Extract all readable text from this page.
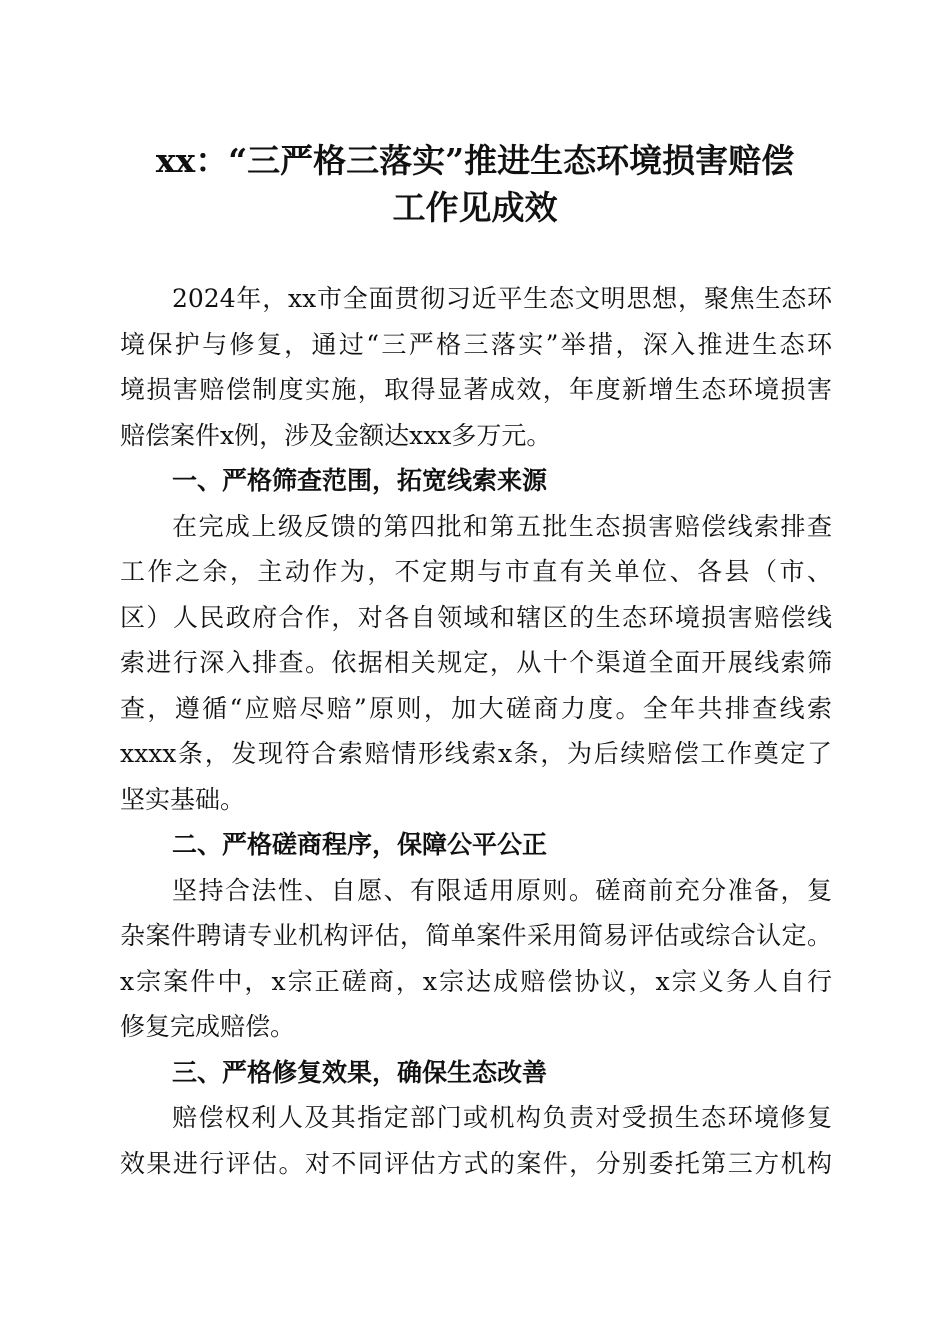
xx：“三严格三落实”推进生态环境损害赔偿
工作见成效
2024年，xx市全面贯彻习近平生态文明思想，聚焦生态环
境保护与修复，通过“三严格三落实”举措，深入推进生态环
境损害赔偿制度实施，取得显著成效，年度新增生态环境损害
赔偿案件x例，涉及金额达xxx多万元。
一、严格筛查范围，拓宽线索来源
在完成上级反馈的第四批和第五批生态损害赔偿线索排查
工作之余，主动作为，不定期与市直有关单位、各县（市、
区）人民政府合作，对各自领域和辖区的生态环境损害赔偿线
索进行深入排查。依据相关规定，从十个渠道全面开展线索筛
查，遵循“应赔尽赔”原则，加大磋商力度。全年共排查线索
xxxx条，发现符合索赔情形线索x条，为后续赔偿工作奠定了
坚实基础。
二、严格磋商程序，保障公平公正
坚持合法性、自愿、有限适用原则。磋商前充分准备，复
杂案件聘请专业机构评估，简单案件采用简易评估或综合认定。
x宗案件中，x宗正磋商，x宗达成赔偿协议，x宗义务人自行
修复完成赔偿。
三、严格修复效果，确保生态改善
赔偿权利人及其指定部门或机构负责对受损生态环境修复
效果进行评估。对不同评估方式的案件，分别委托第三方机构
